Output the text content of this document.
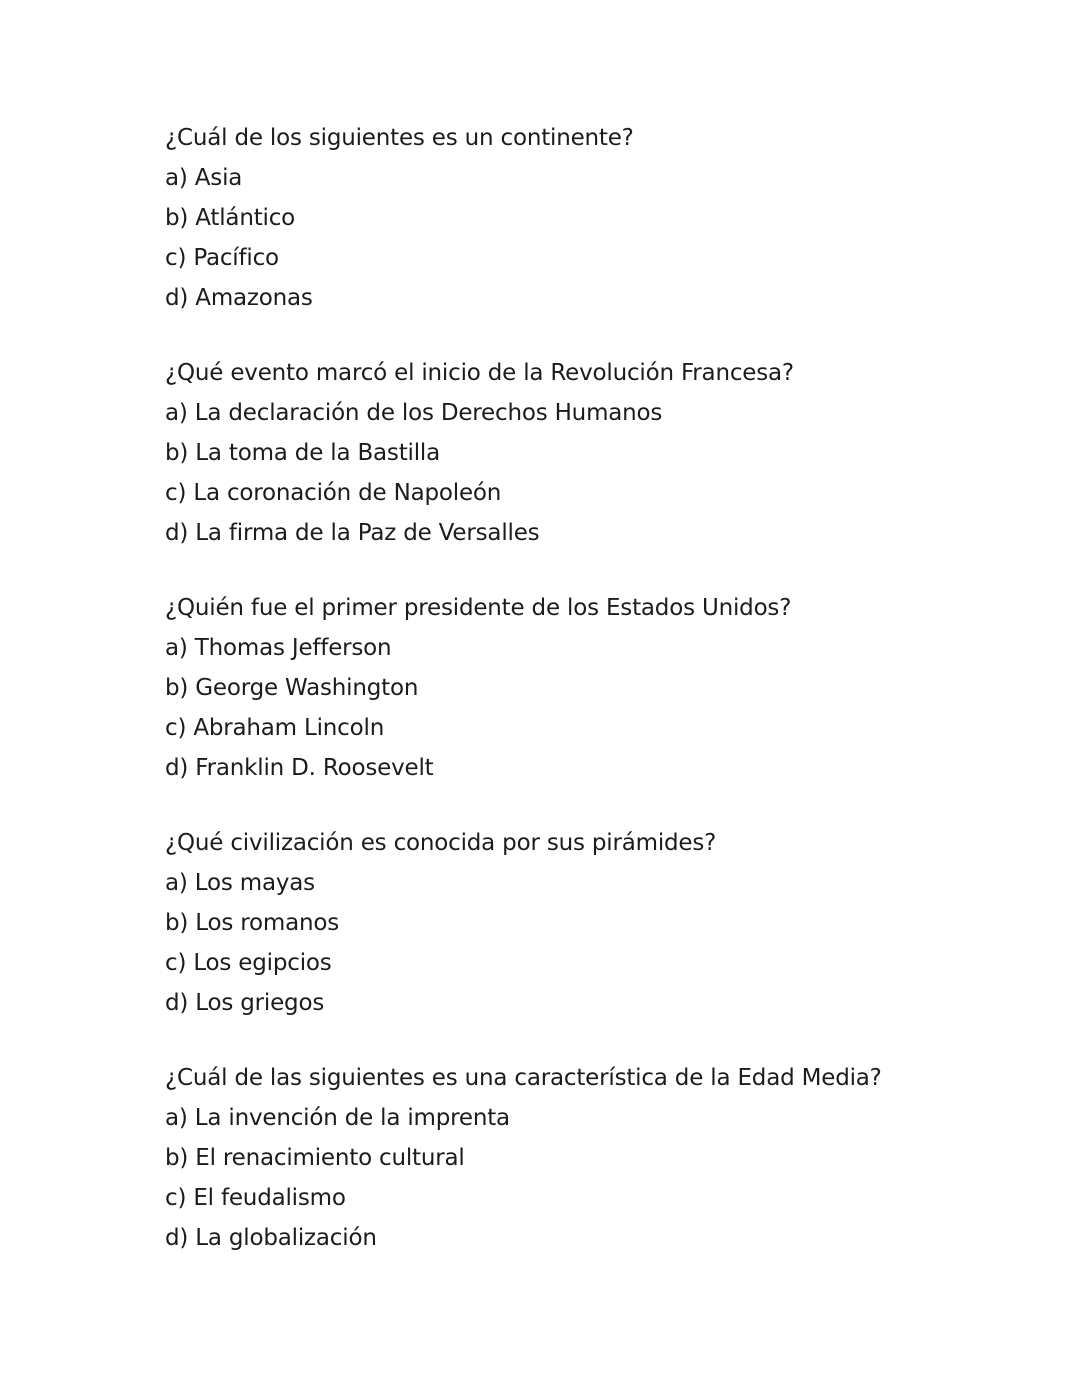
¿Cuál de los siguientes es un continente?
a) Asia
b) Atlántico
c) Pacífico
d) Amazonas
¿Qué evento marcó el inicio de la Revolución Francesa?
a) La declaración de los Derechos Humanos
b) La toma de la Bastilla
c) La coronación de Napoleón
d) La firma de la Paz de Versalles
¿Quién fue el primer presidente de los Estados Unidos?
a) Thomas Jefferson
b) George Washington
c) Abraham Lincoln
d) Franklin D. Roosevelt
¿Qué civilización es conocida por sus pirámides?
a) Los mayas
b) Los romanos
c) Los egipcios
d) Los griegos
¿Cuál de las siguientes es una característica de la Edad Media?
a) La invención de la imprenta
b) El renacimiento cultural
c) El feudalismo
d) La globalización
